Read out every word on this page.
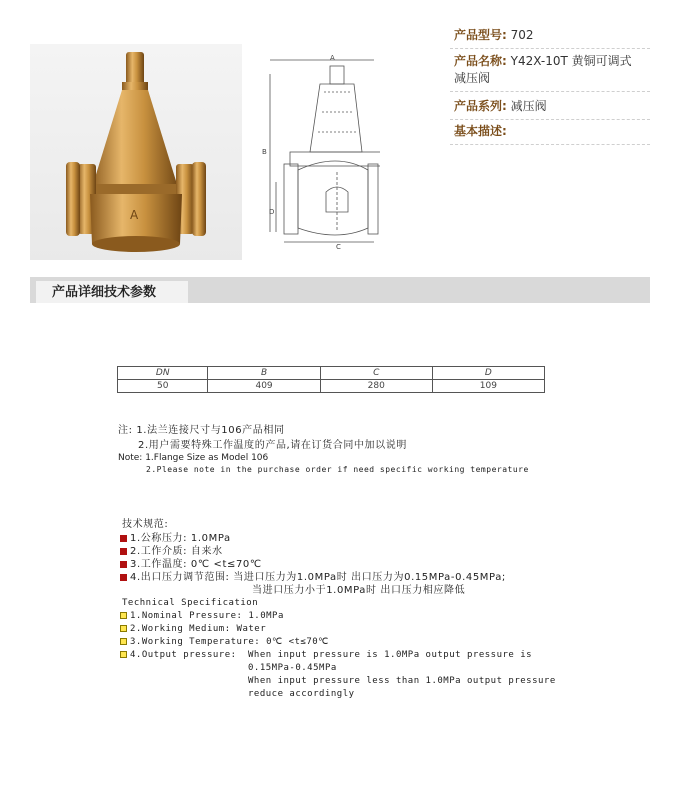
A
A
B
D
C
产品型号: 702
产品名称: Y42X-10T 黄铜可调式
减压阀
产品系列: 减压阀
基本描述:
产品详细技术参数
DN	B	C	D
50	409	280	109
注: 1.法兰连接尺寸与106产品相同
2.用户需要特殊工作温度的产品,请在订货合同中加以说明
Note: 1.Flange Size as Model 106
2.Please note in the purchase order if need specific working temperature
技术规范:
1.公称压力: 1.0MPa
2.工作介质: 自来水
3.工作温度: 0℃ <t≤70℃
4.出口压力调节范围: 当进口压力为1.0MPa时 出口压力为0.15MPa-0.45MPa;
当进口压力小于1.0MPa时 出口压力相应降低
Technical Specification
1.Nominal Pressure: 1.0MPa
2.Working Medium: Water
3.Working Temperature: 0℃ <t≤70℃
4.Output pressure: When input pressure is 1.0MPa output pressure is
0.15MPa-0.45MPa
When input pressure less than 1.0MPa output pressure
reduce accordingly
